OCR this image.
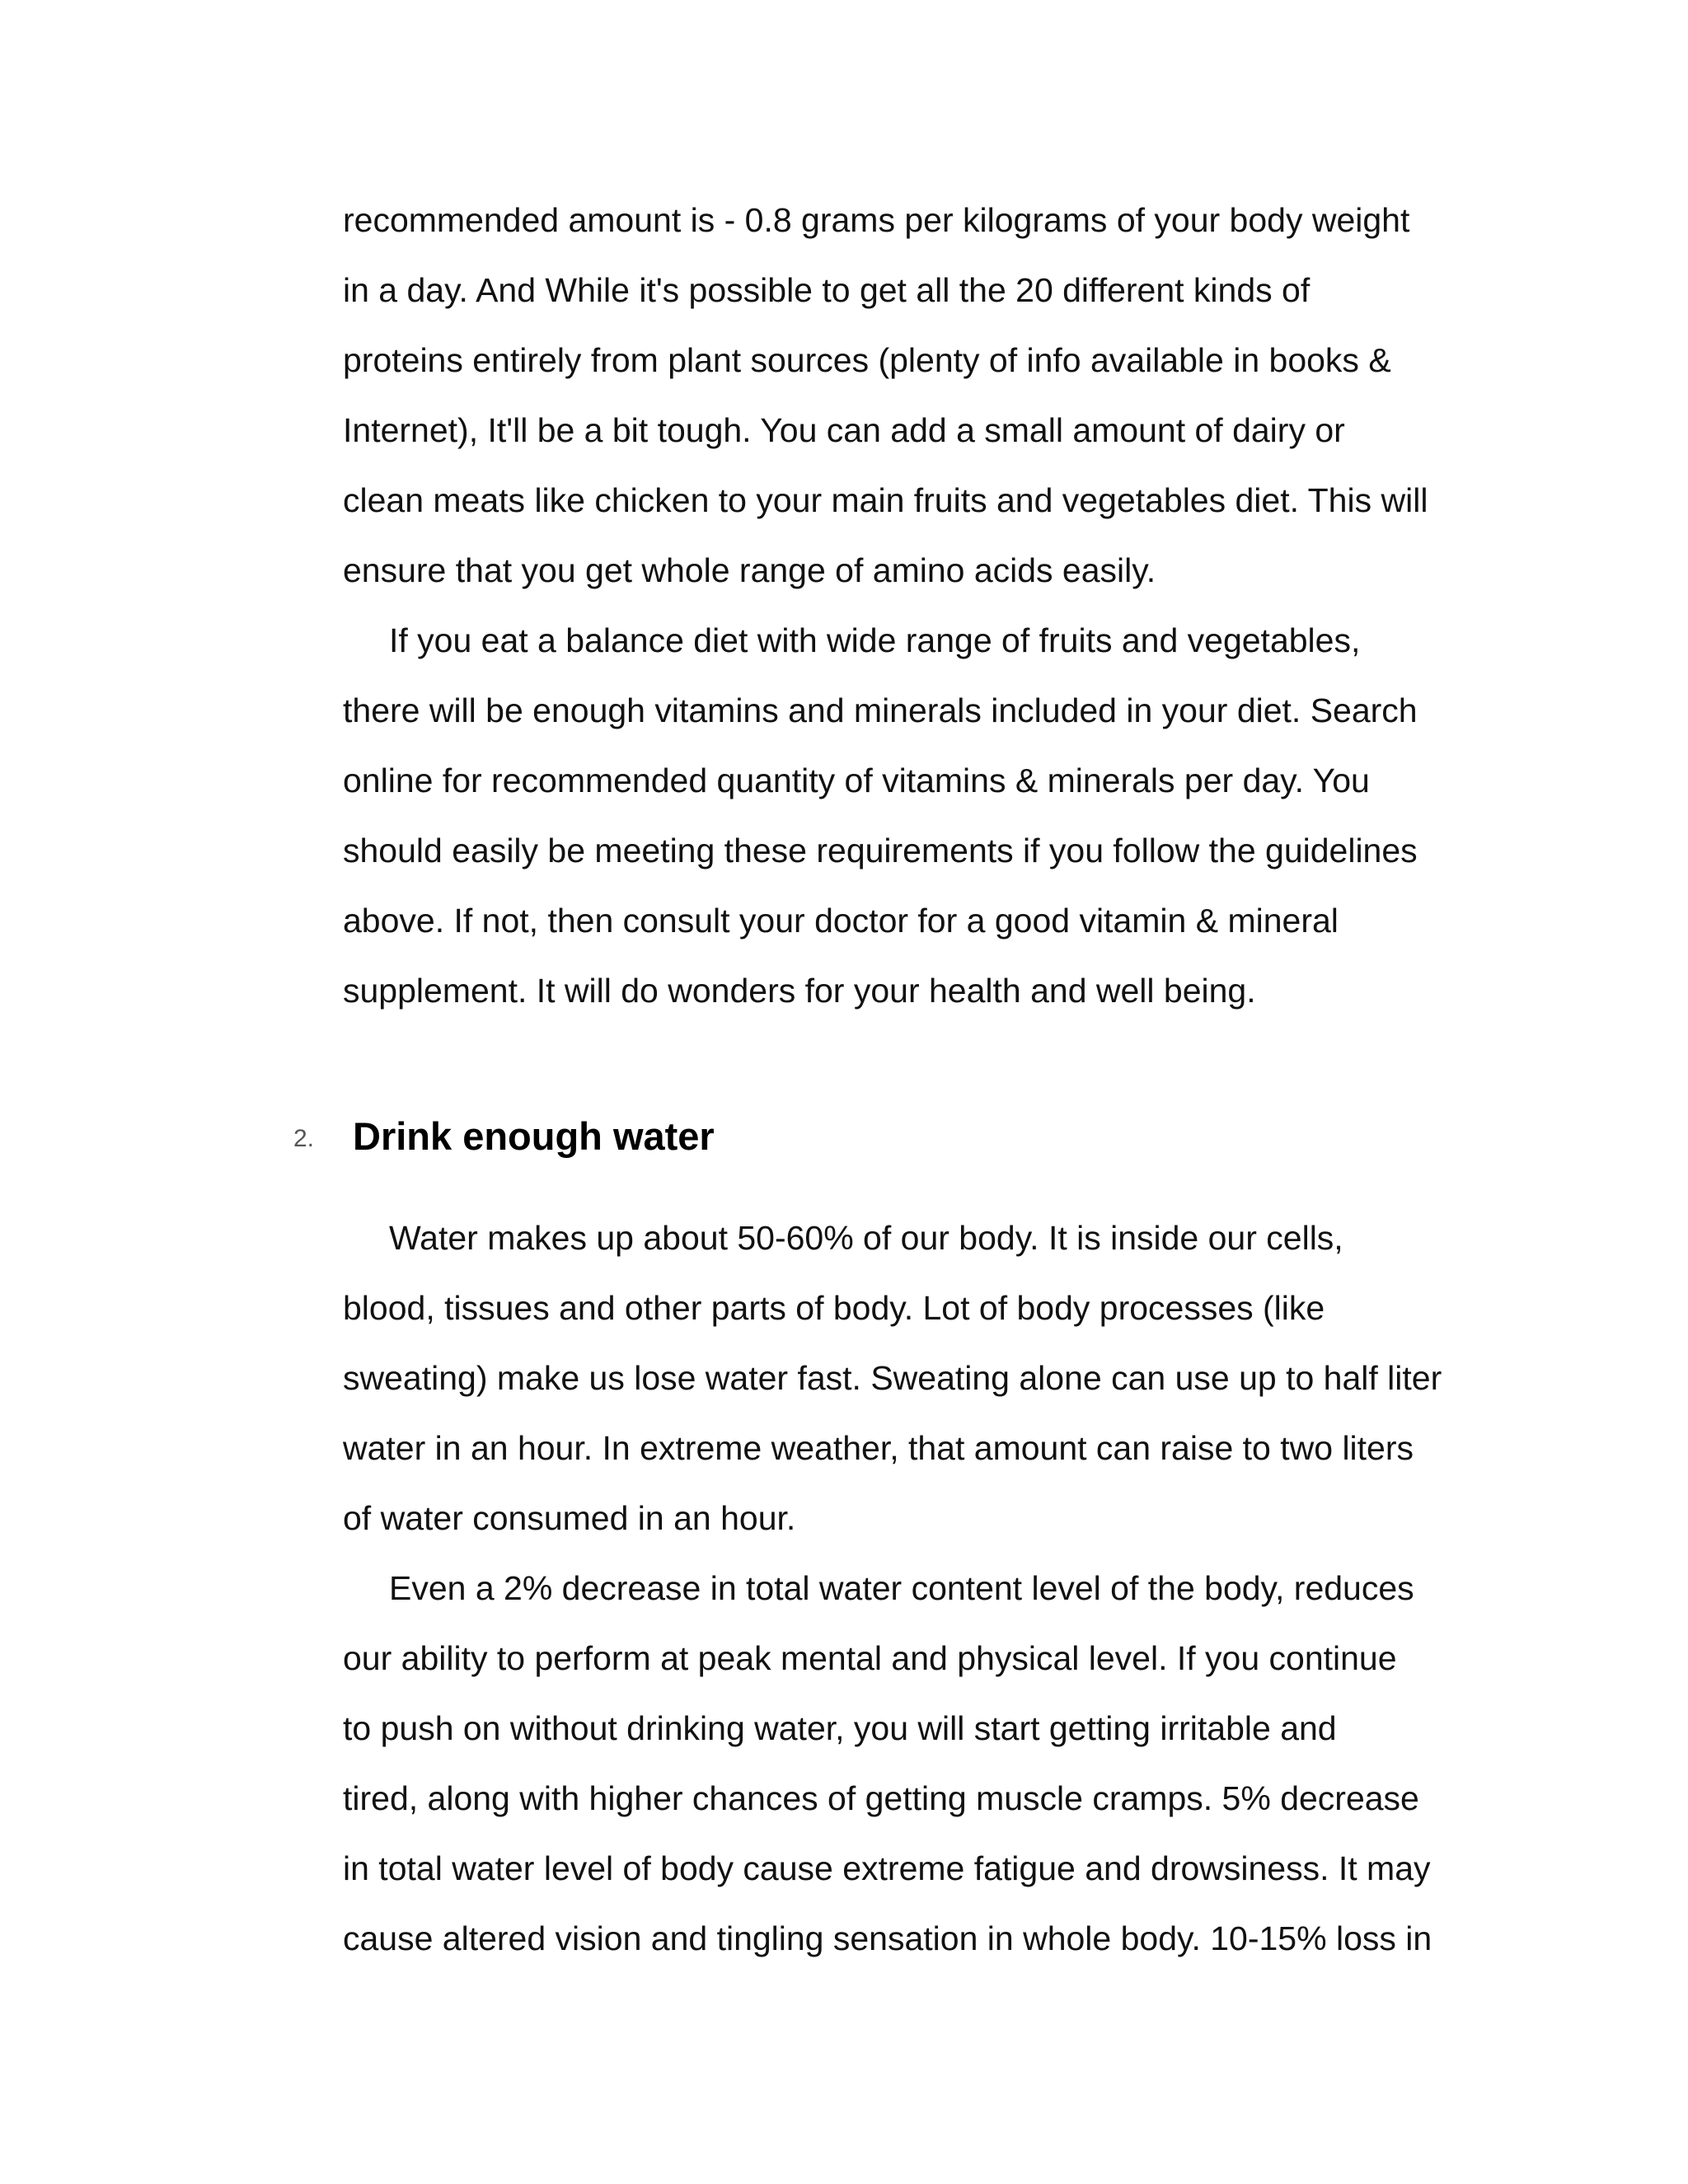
recommended amount is - 0.8 grams per kilograms of your body weight
in a day. And While it's possible to get all the 20 different kinds of
proteins entirely from plant sources (plenty of info available in books &
Internet), It'll be a bit tough. You can add a small amount of dairy or
clean meats like chicken to your main fruits and vegetables diet. This will
ensure that you get whole range of amino acids easily.
If you eat a balance diet with wide range of fruits and vegetables,
there will be enough vitamins and minerals included in your diet. Search
online for recommended quantity of vitamins & minerals per day. You
should easily be meeting these requirements if you follow the guidelines
above. If not, then consult your doctor for a good vitamin & mineral
supplement. It will do wonders for your health and well being.
2. Drink enough water
Water makes up about 50-60% of our body. It is inside our cells,
blood, tissues and other parts of body. Lot of body processes (like
sweating) make us lose water fast. Sweating alone can use up to half liter
water in an hour. In extreme weather, that amount can raise to two liters
of water consumed in an hour.
Even a 2% decrease in total water content level of the body, reduces
our ability to perform at peak mental and physical level. If you continue
to push on without drinking water, you will start getting irritable and
tired, along with higher chances of getting muscle cramps. 5% decrease
in total water level of body cause extreme fatigue and drowsiness. It may
cause altered vision and tingling sensation in whole body. 10-15% loss in
